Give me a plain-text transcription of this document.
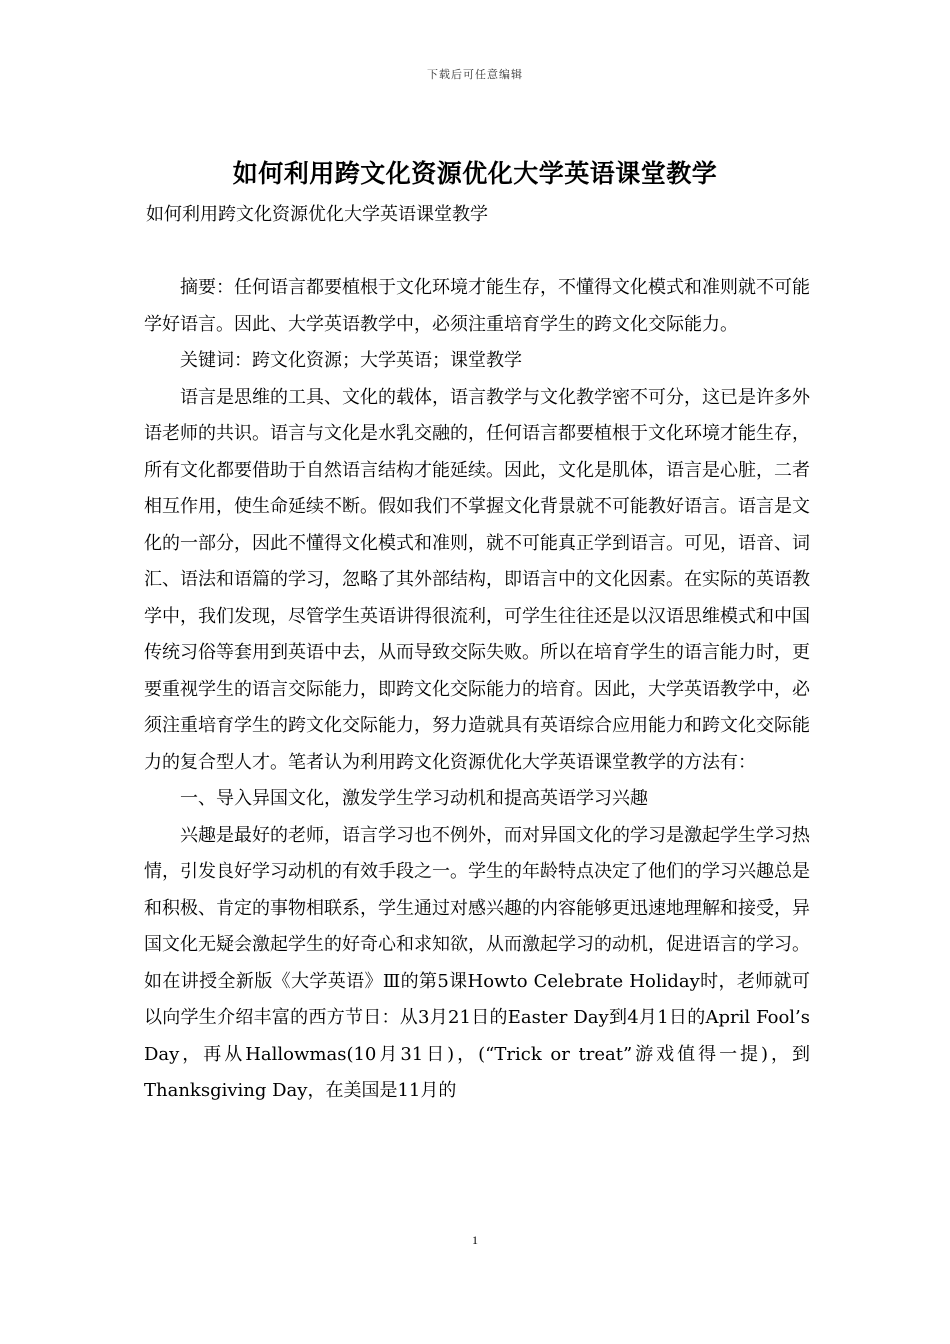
下载后可任意编辑
如何利用跨文化资源优化大学英语课堂教学

如何利用跨文化资源优化大学英语课堂教学

摘要：任何语言都要植根于文化环境才能生存，不懂得文化模式和准则就不可能学好语言。因此、大学英语教学中，必须注重培育学生的跨文化交际能力。

关键词：跨文化资源；大学英语；课堂教学

语言是思维的工具、文化的载体，语言教学与文化教学密不可分，这已是许多外语老师的共识。语言与文化是水乳交融的，任何语言都要植根于文化环境才能生存，所有文化都要借助于自然语言结构才能延续。因此，文化是肌体，语言是心脏，二者相互作用，使生命延续不断。假如我们不掌握文化背景就不可能教好语言。语言是文化的一部分，因此不懂得文化模式和准则，就不可能真正学到语言。可见，语音、词汇、语法和语篇的学习，忽略了其外部结构，即语言中的文化因素。在实际的英语教学中，我们发现，尽管学生英语讲得很流利，可学生往往还是以汉语思维模式和中国传统习俗等套用到英语中去，从而导致交际失败。所以在培育学生的语言能力时，更要重视学生的语言交际能力，即跨文化交际能力的培育。因此，大学英语教学中，必须注重培育学生的跨文化交际能力，努力造就具有英语综合应用能力和跨文化交际能力的复合型人才。笔者认为利用跨文化资源优化大学英语课堂教学的方法有：

一、导入异国文化，激发学生学习动机和提高英语学习兴趣

兴趣是最好的老师，语言学习也不例外，而对异国文化的学习是激起学生学习热情，引发良好学习动机的有效手段之一。学生的年龄特点决定了他们的学习兴趣总是和积极、肯定的事物相联系，学生通过对感兴趣的内容能够更迅速地理解和接受，异国文化无疑会激起学生的好奇心和求知欲，从而激起学习的动机，促进语言的学习。如在讲授全新版《大学英语》Ⅲ的第5课Howto Celebrate Holiday时，老师就可以向学生介绍丰富的西方节日：从3月21日的Easter Day到4月1日的April Fool’s Day，再从Hallowmas(10月31日)，(“Trick or treat”游戏值得一提)，到Thanksgiving Day，在美国是11月的

1
